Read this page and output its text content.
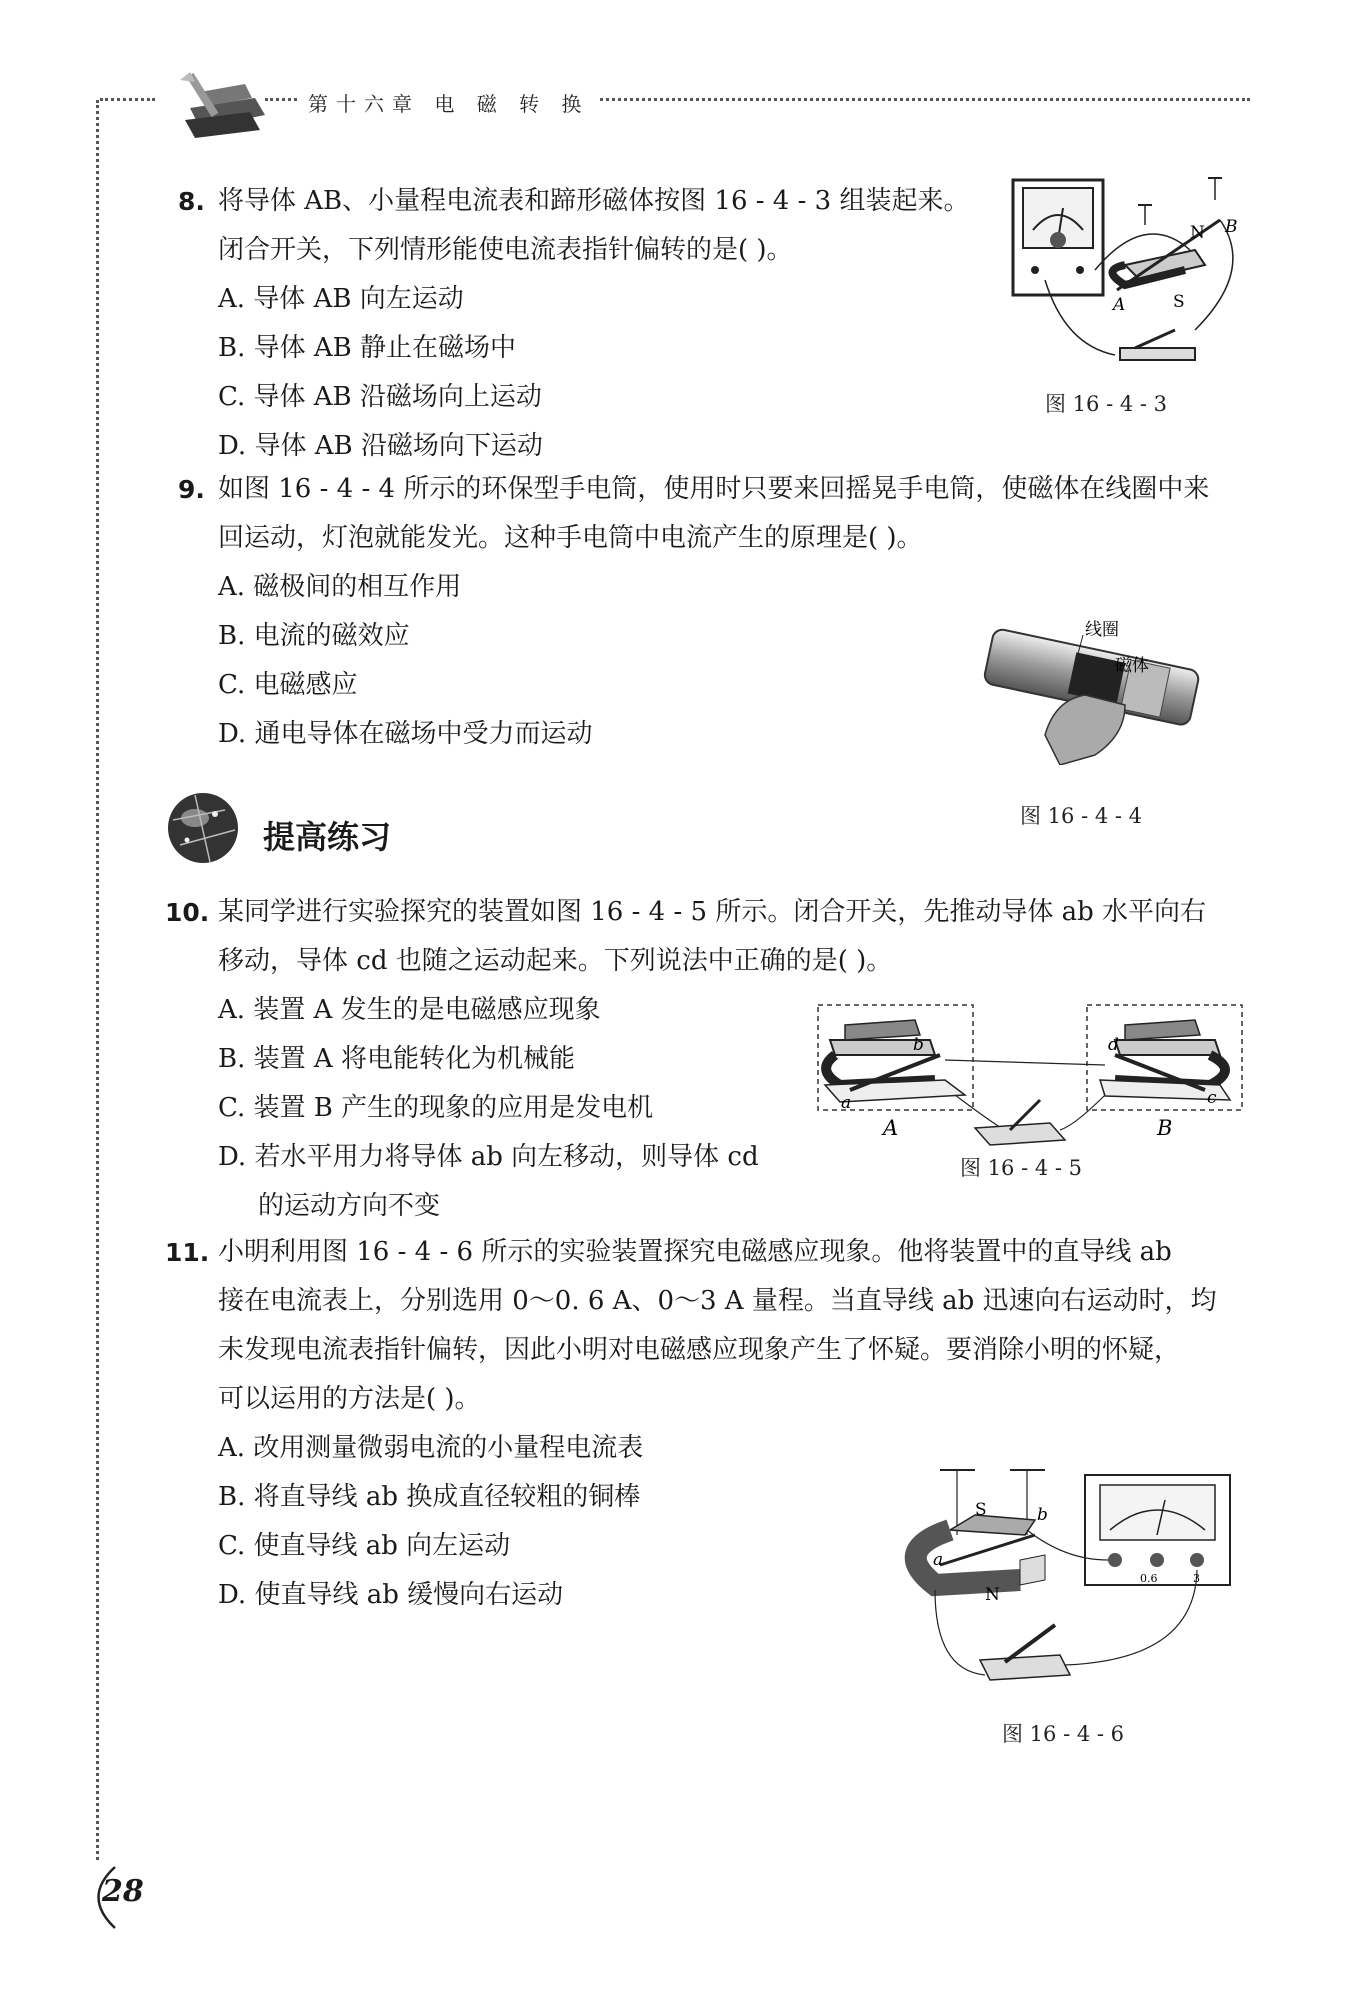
第十六章 电 磁 转 换
8. 将导体 AB、小量程电流表和蹄形磁体按图 16 - 4 - 3 组装起来。
闭合开关，下列情形能使电流表指针偏转的是( )。
A. 导体 AB 向左运动
B. 导体 AB 静止在磁场中
C. 导体 AB 沿磁场向上运动
D. 导体 AB 沿磁场向下运动
N
S
A
B
图 16 - 4 - 3
9. 如图 16 - 4 - 4 所示的环保型手电筒，使用时只要来回摇晃手电筒，使磁体在线圈中来
回运动，灯泡就能发光。这种手电筒中电流产生的原理是( )。
A. 磁极间的相互作用
B. 电流的磁效应
C. 电磁感应
D. 通电导体在磁场中受力而运动
线圈
磁体
图 16 - 4 - 4
提高练习
10. 某同学进行实验探究的装置如图 16 - 4 - 5 所示。闭合开关，先推动导体 ab 水平向右
移动，导体 cd 也随之运动起来。下列说法中正确的是( )。
A. 装置 A 发生的是电磁感应现象
B. 装置 A 将电能转化为机械能
C. 装置 B 产生的现象的应用是发电机
D. 若水平用力将导体 ab 向左移动，则导体 cd
的运动方向不变
a
b
c
d
A	B
图 16 - 4 - 5
11. 小明利用图 16 - 4 - 6 所示的实验装置探究电磁感应现象。他将装置中的直导线 ab
接在电流表上，分别选用 0～0. 6 A、0～3 A 量程。当直导线 ab 迅速向右运动时，均
未发现电流表指针偏转，因此小明对电磁感应现象产生了怀疑。要消除小明的怀疑，
可以运用的方法是( )。
A. 改用测量微弱电流的小量程电流表
B. 将直导线 ab 换成直径较粗的铜棒
C. 使直导线 ab 向左运动
D. 使直导线 ab 缓慢向右运动
S
N
a
b
0.6	3
图 16 - 4 - 6
28
